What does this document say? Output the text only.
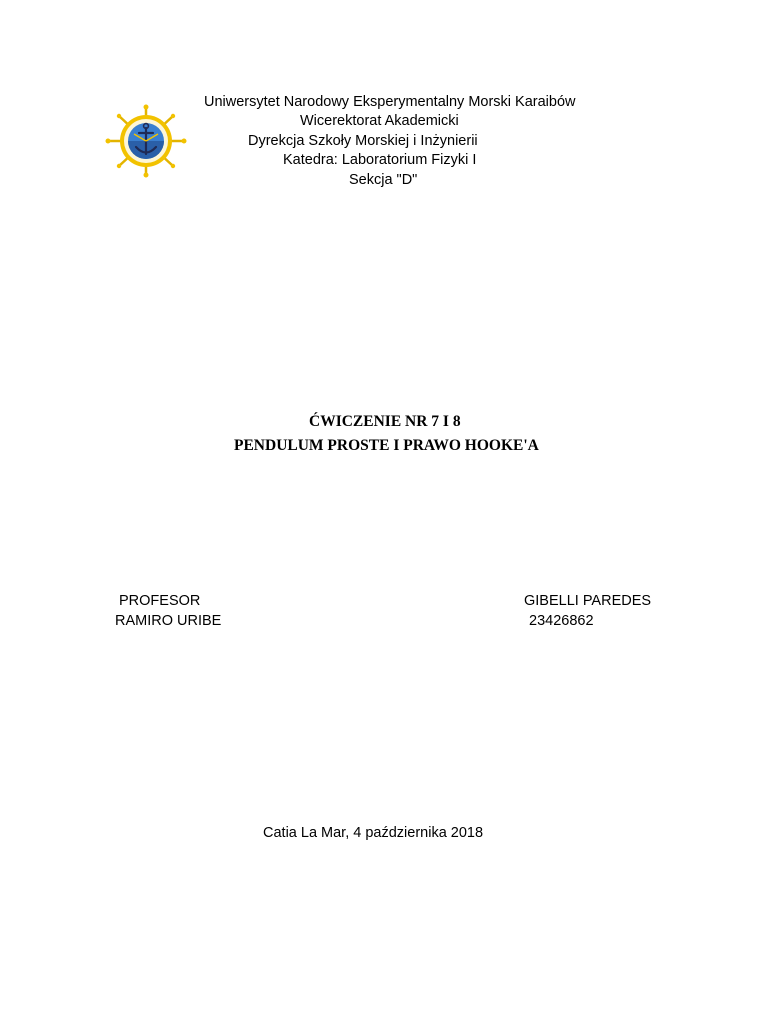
Uniwersytet Narodowy Eksperymentalny Morski Karaibów
Wicerektorat Akademicki
Dyrekcja Szkoły Morskiej i Inżynierii
Katedra: Laboratorium Fizyki I
Sekcja "D"
ĆWICZENIE NR 7 I 8
PENDULUM PROSTE I PRAWO HOOKE'A
PROFESOR
RAMIRO URIBE
GIBELLI PAREDES
23426862
Catia La Mar, 4 października 2018
